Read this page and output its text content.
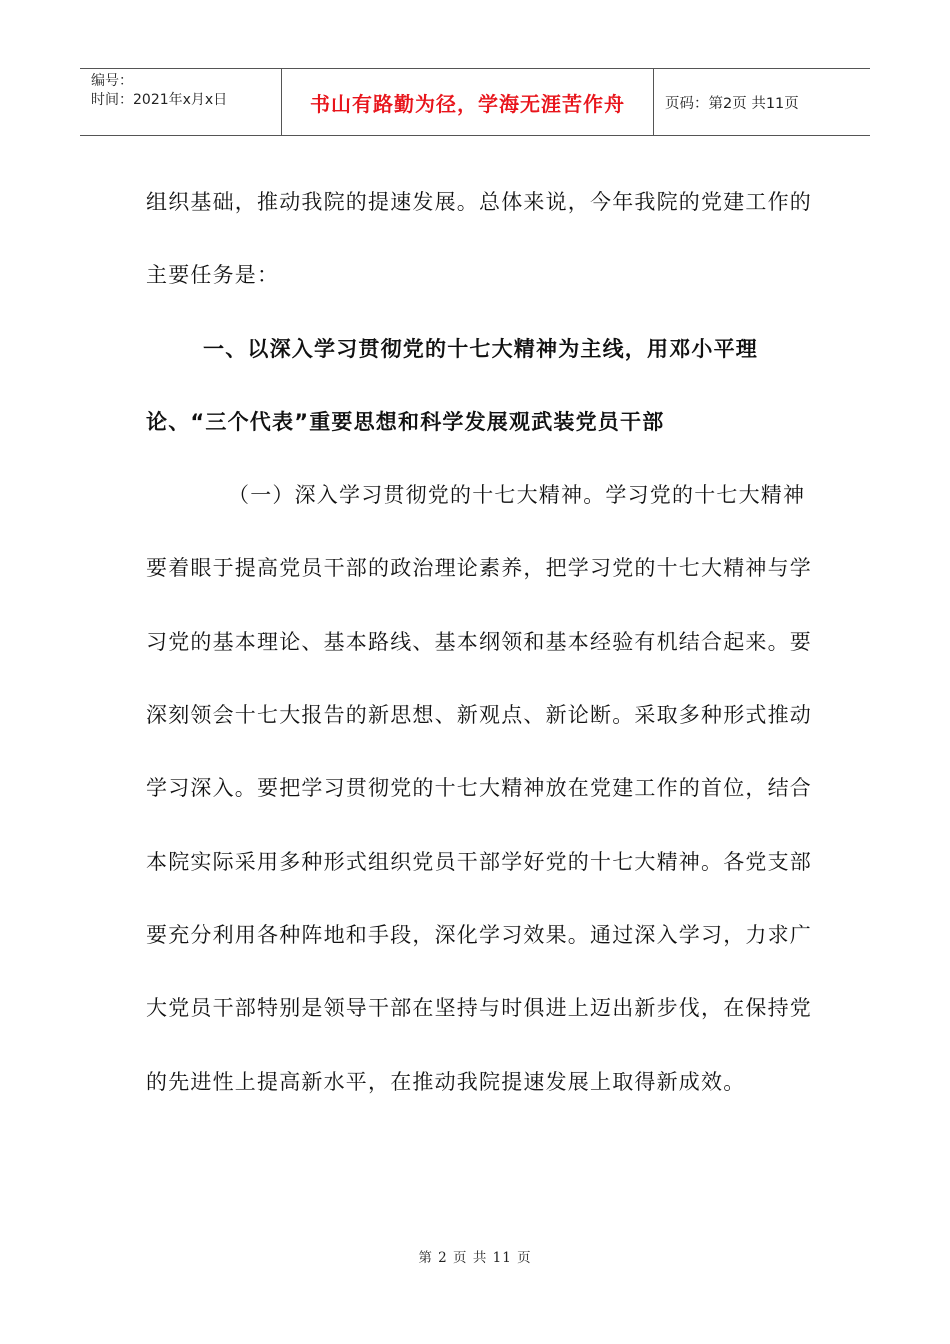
编号：
时间：2021年x月x日	书山有路勤为径，学海无涯苦作舟	页码：第2页 共11页

组织基础，推动我院的提速发展。总体来说，今年我院的党建工作的主要任务是：

一、以深入学习贯彻党的十七大精神为主线，用邓小平理论、“三个代表”重要思想和科学发展观武装党员干部

（一）深入学习贯彻党的十七大精神。学习党的十七大精神要着眼于提高党员干部的政治理论素养，把学习党的十七大精神与学习党的基本理论、基本路线、基本纲领和基本经验有机结合起来。要深刻领会十七大报告的新思想、新观点、新论断。采取多种形式推动学习深入。要把学习贯彻党的十七大精神放在党建工作的首位，结合本院实际采用多种形式组织党员干部学好党的十七大精神。各党支部要充分利用各种阵地和手段，深化学习效果。通过深入学习，力求广大党员干部特别是领导干部在坚持与时俱进上迈出新步伐，在保持党的先进性上提高新水平，在推动我院提速发展上取得新成效。

第 2 页 共 11 页
